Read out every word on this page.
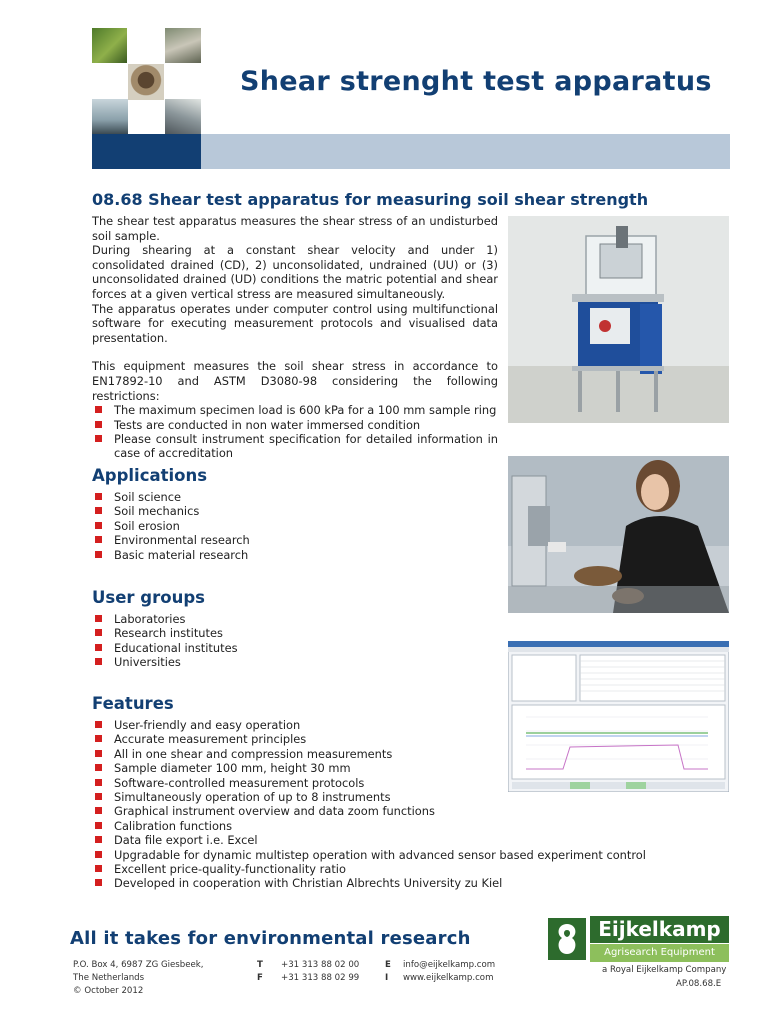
Shear strenght test apparatus
08.68 Shear test apparatus for measuring soil shear strength

The shear test apparatus measures the shear stress of an undisturbed soil sample.

During shearing at a constant shear velocity and under 1) consolidated drained (CD), 2) unconsolidated, undrained (UU) or (3) unconsolidated drained (UD) conditions the matric potential and shear forces at a given vertical stress are measured simultaneously.

The apparatus operates under computer control using multifunctional software for executing measurement protocols and visualised data presentation.

This equipment measures the soil shear stress in accordance to EN17892-10 and ASTM D3080-98 considering the following restrictions:

The maximum specimen load is 600 kPa for a 100 mm sample ring
Tests are conducted in non water immersed condition
Please consult instrument specification for detailed information in case of accreditation
Applications
Soil science
Soil mechanics
Soil erosion
Environmental research
Basic material research
User groups
Laboratories
Research institutes
Educational institutes
Universities
Features
User-friendly and easy operation
Accurate measurement principles
All in one shear and compression measurements
Sample diameter 100 mm, height 30 mm
Software-controlled measurement protocols
Simultaneously operation of up to 8 instruments
Graphical instrument overview and data zoom functions
Calibration functions
Data file export i.e. Excel
Upgradable for dynamic multistep operation with advanced sensor based experiment control
Excellent price-quality-functionality ratio
Developed in cooperation with Christian Albrechts University zu Kiel
All it takes for environmental research
P.O. Box 4, 6987 ZG Giesbeek,
The Netherlands
© October 2012
T
F
+31 313 88 02 00
+31 313 88 02 99
E
I
info@eijkelkamp.com
www.eijkelkamp.com
Eijkelkamp
Agrisearch Equipment
a Royal Eijkelkamp Company
AP.08.68.E
